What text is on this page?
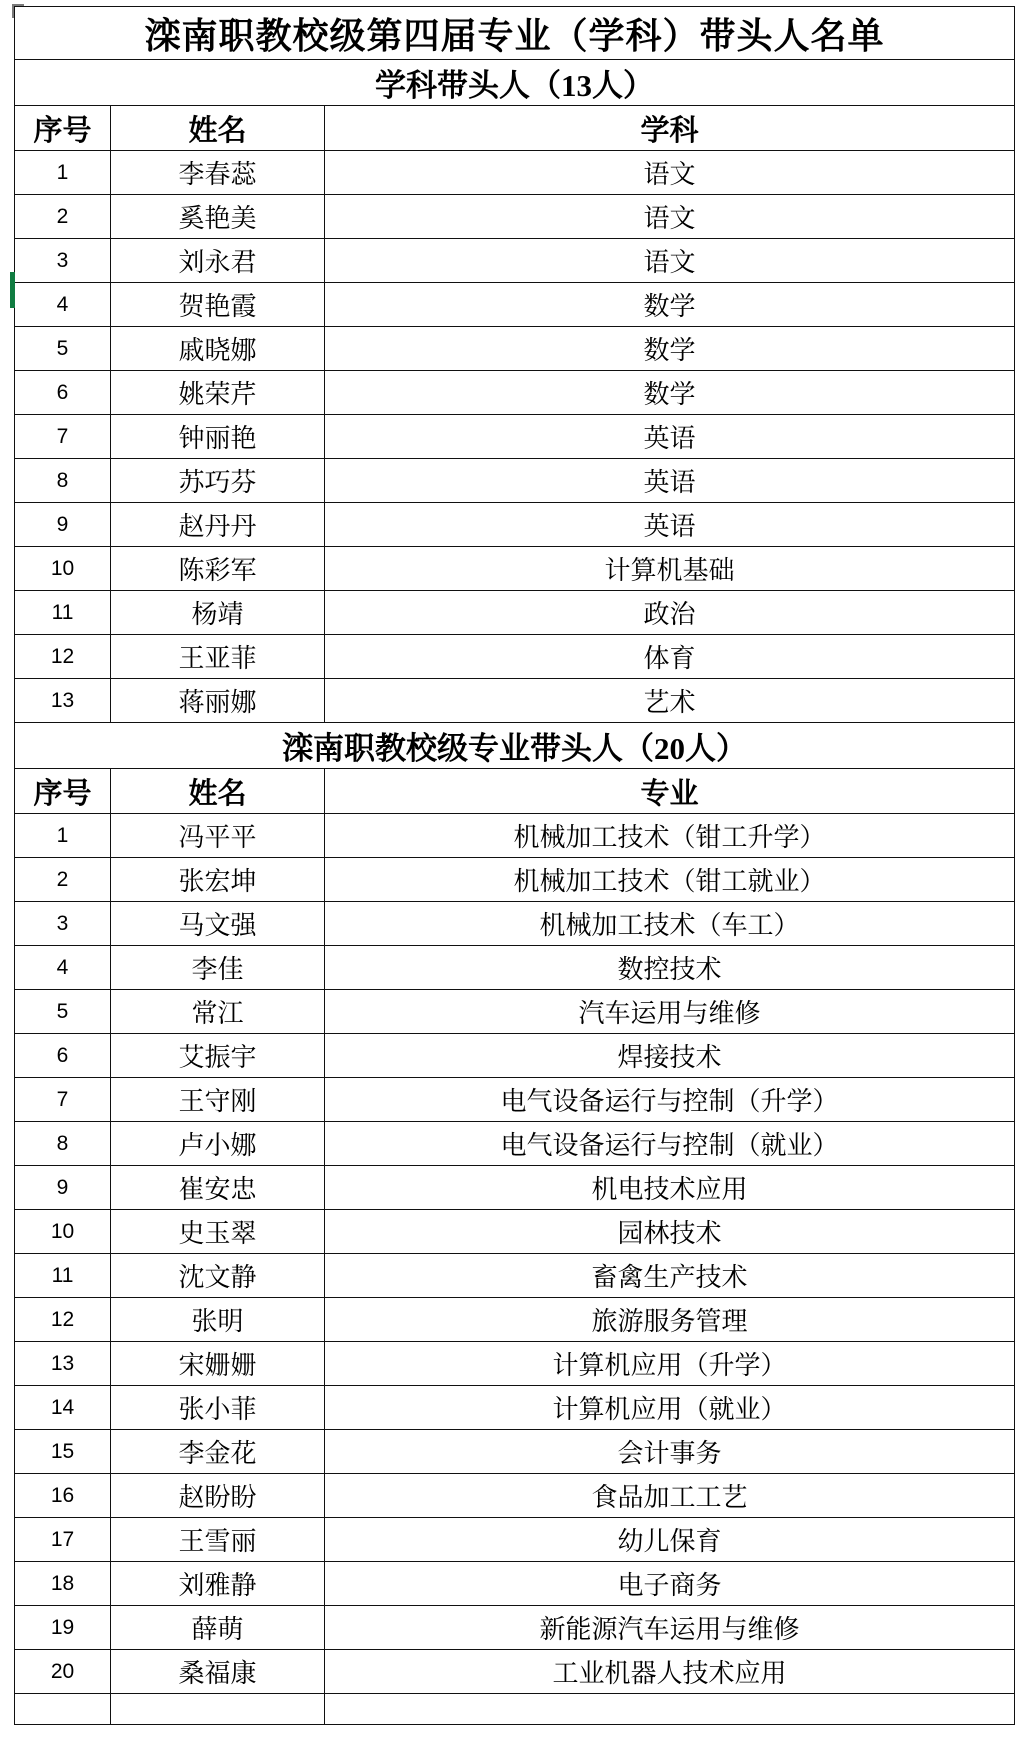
滦南职教校级第四届专业（学科）带头人名单		
学科带头人（13人）		
序号	姓名	学科
1	李春蕊	语文
2	奚艳美	语文
3	刘永君	语文
4	贺艳霞	数学
5	戚晓娜	数学
6	姚荣芹	数学
7	钟丽艳	英语
8	苏巧芬	英语
9	赵丹丹	英语
10	陈彩军	计算机基础
11	杨靖	政治
12	王亚菲	体育
13	蒋丽娜	艺术
滦南职教校级专业带头人（20人）		
序号	姓名	专业
1	冯平平	机械加工技术（钳工升学）
2	张宏坤	机械加工技术（钳工就业）
3	马文强	机械加工技术（车工）
4	李佳	数控技术
5	常江	汽车运用与维修
6	艾振宇	焊接技术
7	王守刚	电气设备运行与控制（升学）
8	卢小娜	电气设备运行与控制（就业）
9	崔安忠	机电技术应用
10	史玉翠	园林技术
11	沈文静	畜禽生产技术
12	张明	旅游服务管理
13	宋姗姗	计算机应用（升学）
14	张小菲	计算机应用（就业）
15	李金花	会计事务
16	赵盼盼	食品加工工艺
17	王雪丽	幼儿保育
18	刘雅静	电子商务
19	薛萌	新能源汽车运用与维修
20	桑福康	工业机器人技术应用
